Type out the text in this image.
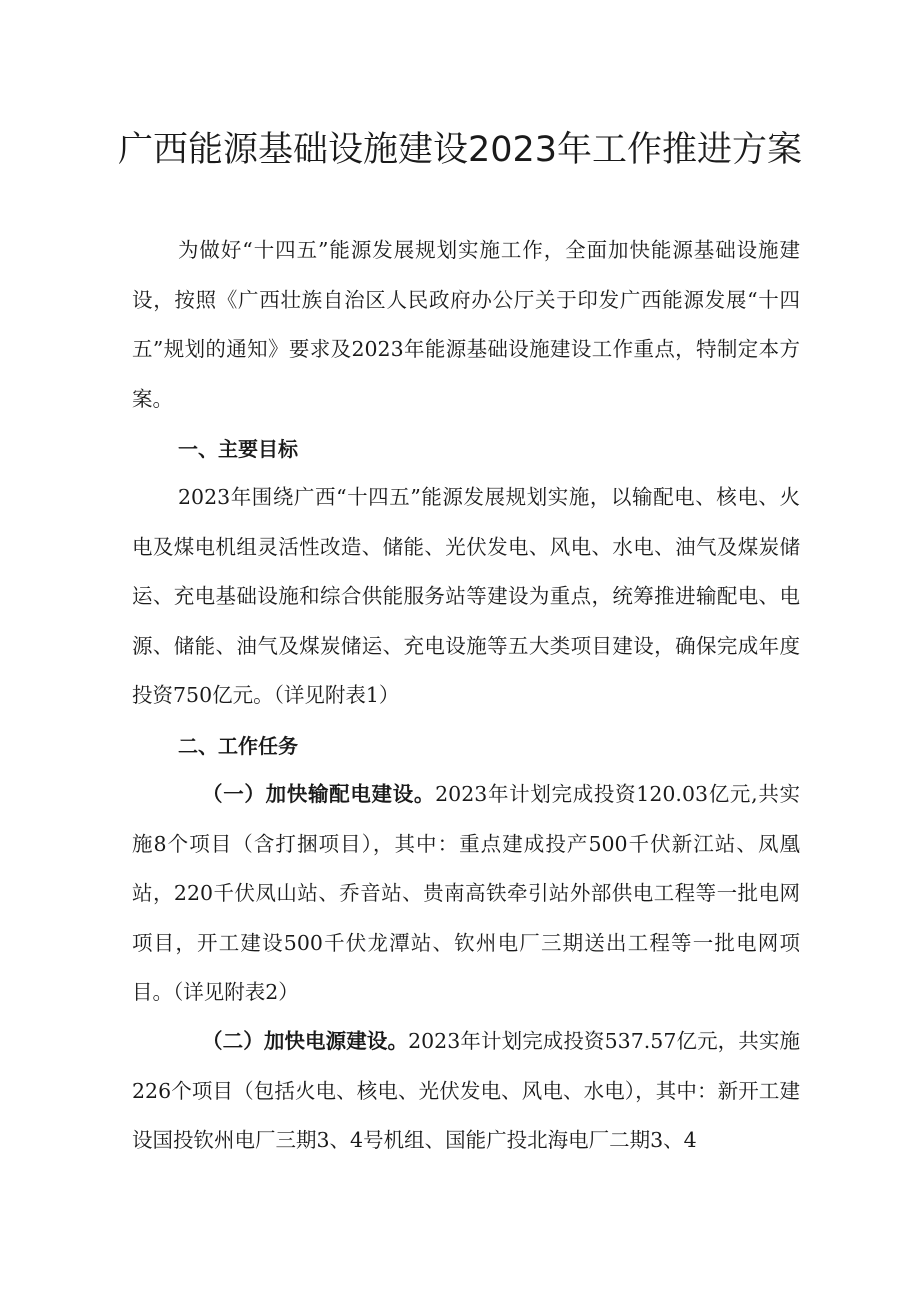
广西能源基础设施建设2023年工作推进方案

为做好“十四五”能源发展规划实施工作，全面加快能源基础设施建设，按照《广西壮族自治区人民政府办公厅关于印发广西能源发展“十四五”规划的通知》要求及2023年能源基础设施建设工作重点，特制定本方案。

一、主要目标

2023年围绕广西“十四五”能源发展规划实施，以输配电、核电、火电及煤电机组灵活性改造、储能、光伏发电、风电、水电、油气及煤炭储运、充电基础设施和综合供能服务站等建设为重点，统筹推进输配电、电源、储能、油气及煤炭储运、充电设施等五大类项目建设，确保完成年度投资750亿元。（详见附表1）

二、工作任务

（一）加快输配电建设。2023年计划完成投资120.03亿元,共实施8个项目（含打捆项目），其中：重点建成投产500千伏新江站、凤凰站，220千伏凤山站、乔音站、贵南高铁牵引站外部供电工程等一批电网项目，开工建设500千伏龙潭站、钦州电厂三期送出工程等一批电网项目。（详见附表2）

（二）加快电源建设。2023年计划完成投资537.57亿元，共实施226个项目（包括火电、核电、光伏发电、风电、水电），其中：新开工建设国投钦州电厂三期3、4号机组、国能广投北海电厂二期3、4
